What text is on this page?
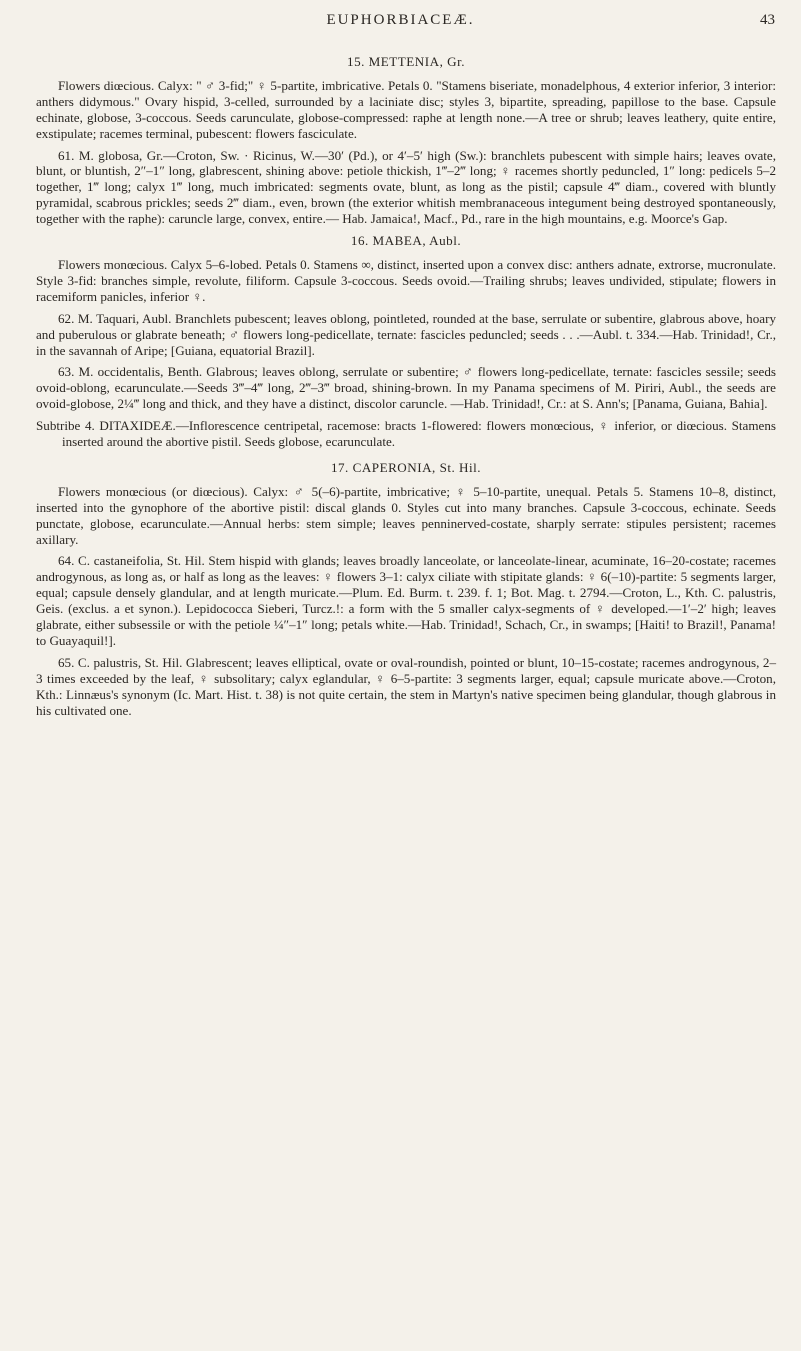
EUPHORBIACEÆ.	43

15. METTENIA, Gr.

Flowers diœcious. Calyx: " ♂ 3-fid;" ♀ 5-partite, imbricative. Petals 0. "Stamens biseriate, monadelphous, 4 exterior inferior, 3 interior: anthers didymous." Ovary hispid, 3-celled, surrounded by a laciniate disc; styles 3, bipartite, spreading, papillose to the base. Capsule echinate, globose, 3-coccous. Seeds carunculate, globose-compressed: raphe at length none.—A tree or shrub; leaves leathery, quite entire, exstipulate; racemes terminal, pubescent: flowers fasciculate.

61. M. globosa, Gr.—Croton, Sw. · Ricinus, W.—30′ (Pd.), or 4′–5′ high (Sw.): branchlets pubescent with simple hairs; leaves ovate, blunt, or bluntish, 2″–1″ long, glabrescent, shining above: petiole thickish, 1‴–2‴ long; ♀ racemes shortly peduncled, 1″ long: pedicels 5–2 together, 1‴ long; calyx 1‴ long, much imbricated: segments ovate, blunt, as long as the pistil; capsule 4‴ diam., covered with bluntly pyramidal, scabrous prickles; seeds 2‴ diam., even, brown (the exterior whitish membranaceous integument being destroyed spontaneously, together with the raphe): caruncle large, convex, entire.— Hab. Jamaica!, Macf., Pd., rare in the high mountains, e.g. Moorce's Gap.

16. MABEA, Aubl.

Flowers monœcious. Calyx 5–6-lobed. Petals 0. Stamens ∞, distinct, inserted upon a convex disc: anthers adnate, extrorse, mucronulate. Style 3-fid: branches simple, revolute, filiform. Capsule 3-coccous. Seeds ovoid.—Trailing shrubs; leaves undivided, stipulate; flowers in racemiform panicles, inferior ♀.

62. M. Taquari, Aubl. Branchlets pubescent; leaves oblong, pointleted, rounded at the base, serrulate or subentire, glabrous above, hoary and puberulous or glabrate beneath; ♂ flowers long-pedicellate, ternate: fascicles peduncled; seeds . . .—Aubl. t. 334.—Hab. Trinidad!, Cr., in the savannah of Aripe; [Guiana, equatorial Brazil].

63. M. occidentalis, Benth. Glabrous; leaves oblong, serrulate or subentire; ♂ flowers long-pedicellate, ternate: fascicles sessile; seeds ovoid-oblong, ecarunculate.—Seeds 3‴–4‴ long, 2‴–3‴ broad, shining-brown. In my Panama specimens of M. Piriri, Aubl., the seeds are ovoid-globose, 2¼‴ long and thick, and they have a distinct, discolor caruncle. —Hab. Trinidad!, Cr.: at S. Ann's; [Panama, Guiana, Bahia].

Subtribe 4. DITAXIDEÆ.—Inflorescence centripetal, racemose: bracts 1-flowered: flowers monœcious, ♀ inferior, or diœcious. Stamens inserted around the abortive pistil. Seeds globose, ecarunculate.

17. CAPERONIA, St. Hil.

Flowers monœcious (or diœcious). Calyx: ♂ 5(–6)-partite, imbricative; ♀ 5–10-partite, unequal. Petals 5. Stamens 10–8, distinct, inserted into the gynophore of the abortive pistil: discal glands 0. Styles cut into many branches. Capsule 3-coccous, echinate. Seeds punctate, globose, ecarunculate.—Annual herbs: stem simple; leaves penninerved-costate, sharply serrate: stipules persistent; racemes axillary.

64. C. castaneifolia, St. Hil. Stem hispid with glands; leaves broadly lanceolate, or lanceolate-linear, acuminate, 16–20-costate; racemes androgynous, as long as, or half as long as the leaves: ♀ flowers 3–1: calyx ciliate with stipitate glands: ♀ 6(–10)-partite: 5 segments larger, equal; capsule densely glandular, and at length muricate.—Plum. Ed. Burm. t. 239. f. 1; Bot. Mag. t. 2794.—Croton, L., Kth. C. palustris, Geis. (exclus. a et synon.). Lepidococca Sieberi, Turcz.!: a form with the 5 smaller calyx-segments of ♀ developed.—1′–2′ high; leaves glabrate, either subsessile or with the petiole ¼″–1″ long; petals white.—Hab. Trinidad!, Schach, Cr., in swamps; [Haiti! to Brazil!, Panama! to Guayaquil!].

65. C. palustris, St. Hil. Glabrescent; leaves elliptical, ovate or oval-roundish, pointed or blunt, 10–15-costate; racemes androgynous, 2–3 times exceeded by the leaf, ♀ subsolitary; calyx eglandular, ♀ 6–5-partite: 3 segments larger, equal; capsule muricate above.—Croton, Kth.: Linnæus's synonym (Ic. Mart. Hist. t. 38) is not quite certain, the stem in Martyn's native specimen being glandular, though glabrous in his cultivated one.
